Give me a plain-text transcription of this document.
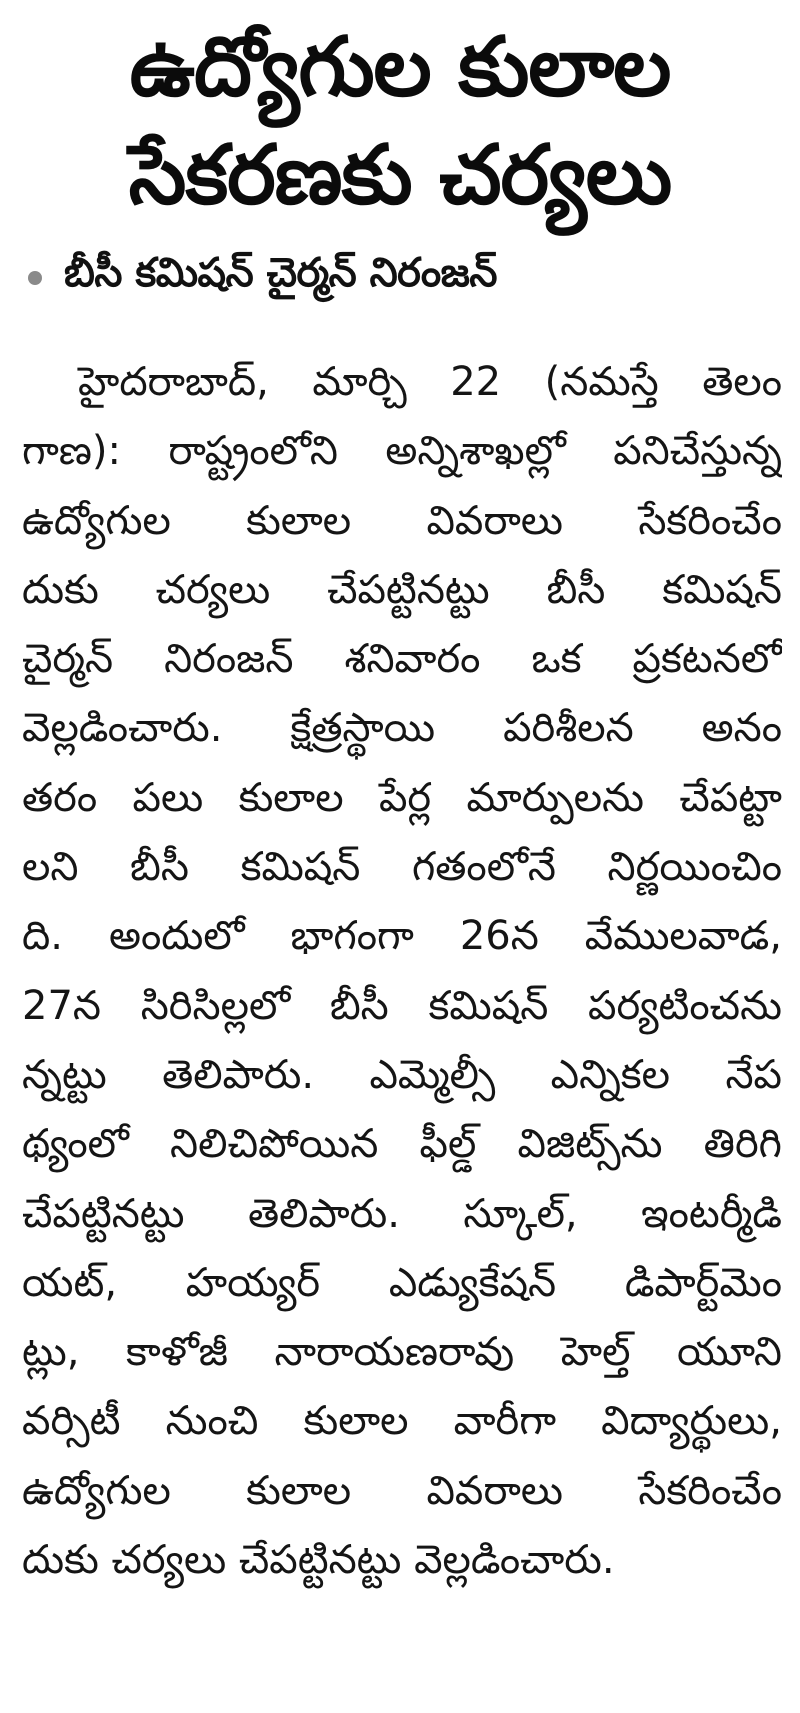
ఉద్యోగుల కులాల
సేకరణకు చర్యలు
బీసీ కమిషన్ చైర్మన్ నిరంజన్
హైదరాబాద్, మార్చి 22 (నమస్తే తెలం
గాణ): రాష్ట్రంలోని అన్నిశాఖల్లో పనిచేస్తున్న
ఉద్యోగుల కులాల వివరాలు సేకరించేం
దుకు చర్యలు చేపట్టినట్టు బీసీ కమిషన్
చైర్మన్ నిరంజన్ శనివారం ఒక ప్రకటనలో
వెల్లడించారు. క్షేత్రస్థాయి పరిశీలన అనం
తరం పలు కులాల పేర్ల మార్పులను చేపట్టా
లని బీసీ కమిషన్ గతంలోనే నిర్ణయించిం
ది. అందులో భాగంగా 26న వేములవాడ,
27న సిరిసిల్లలో బీసీ కమిషన్ పర్యటించను
న్నట్టు తెలిపారు. ఎమ్మెల్సీ ఎన్నికల నేప
థ్యంలో నిలిచిపోయిన ఫీల్డ్ విజిట్స్‌ను తిరిగి
చేపట్టినట్టు తెలిపారు. స్కూల్, ఇంటర్మీడి
యట్, హయ్యర్ ఎడ్యుకేషన్ డిపార్ట్‌మెం
ట్లు, కాళోజీ నారాయణరావు హెల్త్ యూని
వర్సిటీ నుంచి కులాల వారీగా విద్యార్థులు,
ఉద్యోగుల కులాల వివరాలు సేకరించేం
దుకు చర్యలు చేపట్టినట్టు వెల్లడించారు.
